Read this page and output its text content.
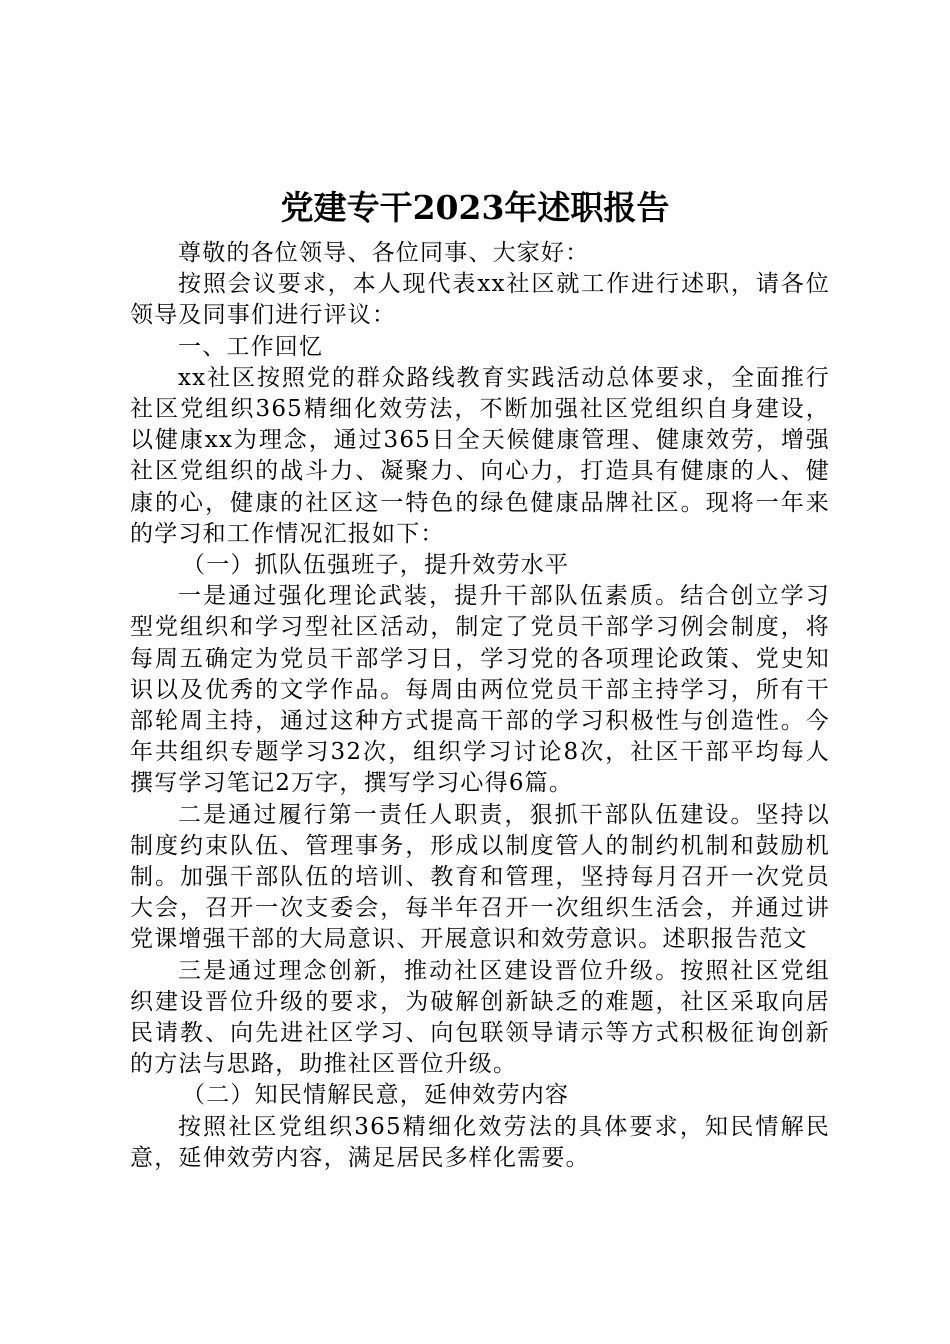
党建专干2023年述职报告

尊敬的各位领导、各位同事、大家好：

按照会议要求，本人现代表xx社区就工作进行述职，请各位领导及同事们进行评议：

一、工作回忆

xx社区按照党的群众路线教育实践活动总体要求，全面推行社区党组织365精细化效劳法，不断加强社区党组织自身建设，以健康xx为理念，通过365日全天候健康管理、健康效劳，增强社区党组织的战斗力、凝聚力、向心力，打造具有健康的人、健康的心，健康的社区这一特色的绿色健康品牌社区。现将一年来的学习和工作情况汇报如下：

（一）抓队伍强班子，提升效劳水平

一是通过强化理论武装，提升干部队伍素质。结合创立学习型党组织和学习型社区活动，制定了党员干部学习例会制度，将每周五确定为党员干部学习日，学习党的各项理论政策、党史知识以及优秀的文学作品。每周由两位党员干部主持学习，所有干部轮周主持，通过这种方式提高干部的学习积极性与创造性。今年共组织专题学习32次，组织学习讨论8次，社区干部平均每人撰写学习笔记2万字，撰写学习心得6篇。

二是通过履行第一责任人职责，狠抓干部队伍建设。坚持以制度约束队伍、管理事务，形成以制度管人的制约机制和鼓励机制。加强干部队伍的培训、教育和管理，坚持每月召开一次党员大会，召开一次支委会，每半年召开一次组织生活会，并通过讲党课增强干部的大局意识、开展意识和效劳意识。述职报告范文

三是通过理念创新，推动社区建设晋位升级。按照社区党组织建设晋位升级的要求，为破解创新缺乏的难题，社区采取向居民请教、向先进社区学习、向包联领导请示等方式积极征询创新的方法与思路，助推社区晋位升级。

（二）知民情解民意，延伸效劳内容

按照社区党组织365精细化效劳法的具体要求，知民情解民意，延伸效劳内容，满足居民多样化需要。
